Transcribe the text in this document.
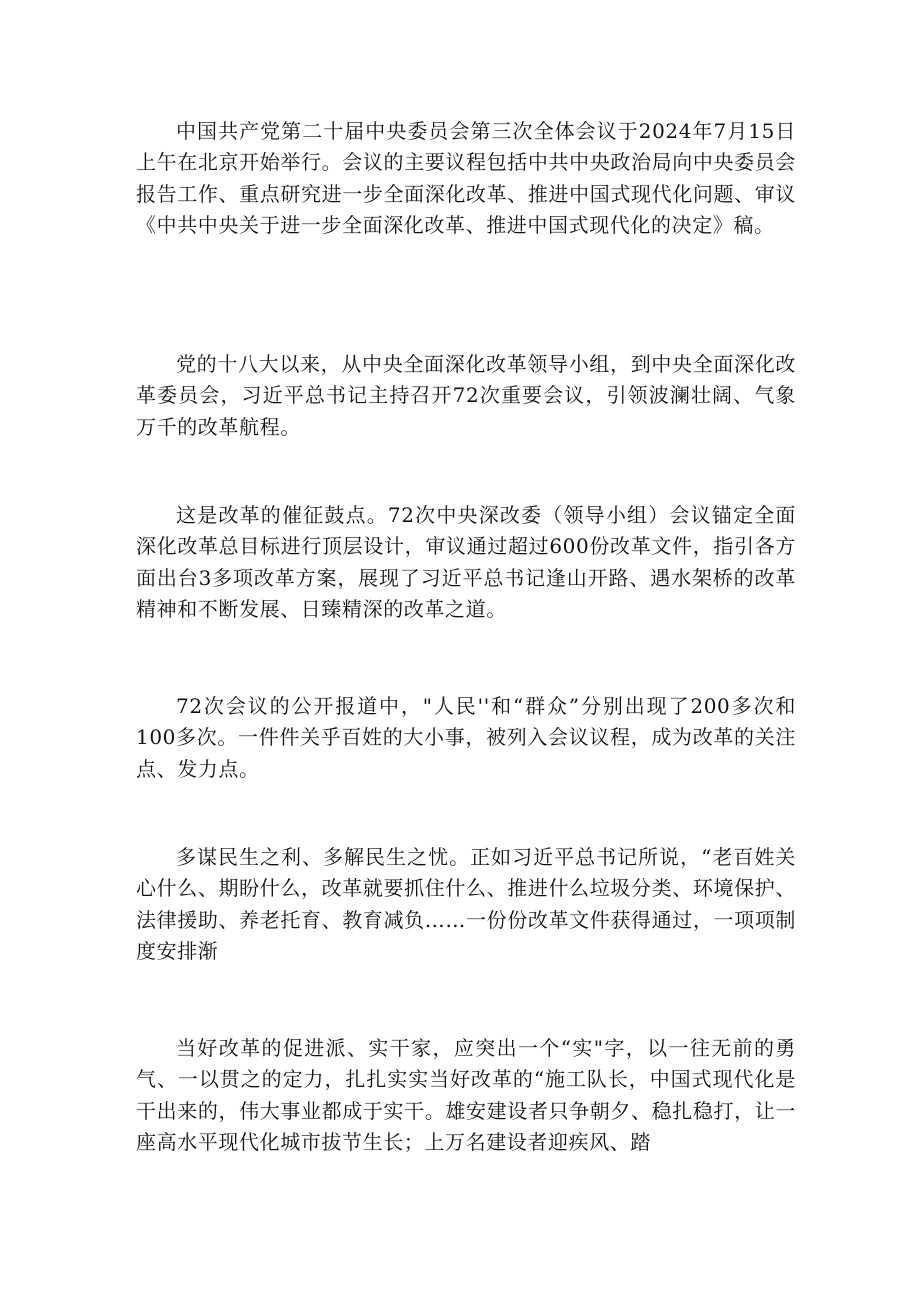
中国共产党第二十届中央委员会第三次全体会议于2024年7月15日上午在北京开始举行。会议的主要议程包括中共中央政治局向中央委员会报告工作、重点研究进一步全面深化改革、推进中国式现代化问题、审议《中共中央关于进一步全面深化改革、推进中国式现代化的决定》稿。

党的十八大以来，从中央全面深化改革领导小组，到中央全面深化改革委员会，习近平总书记主持召开72次重要会议，引领波澜壮阔、气象万千的改革航程。

这是改革的催征鼓点。72次中央深改委（领导小组）会议锚定全面深化改革总目标进行顶层设计，审议通过超过600份改革文件，指引各方面出台3多项改革方案，展现了习近平总书记逢山开路、遇水架桥的改革精神和不断发展、日臻精深的改革之道。

72次会议的公开报道中，"人民''和“群众”分别出现了200多次和100多次。一件件关乎百姓的大小事，被列入会议议程，成为改革的关注点、发力点。

多谋民生之利、多解民生之忧。正如习近平总书记所说，“老百姓关心什么、期盼什么，改革就要抓住什么、推进什么垃圾分类、环境保护、法律援助、养老托育、教育减负……一份份改革文件获得通过，一项项制度安排渐

当好改革的促进派、实干家，应突出一个“实"字，以一往无前的勇气、一以贯之的定力，扎扎实实当好改革的“施工队长，中国式现代化是干出来的，伟大事业都成于实干。雄安建设者只争朝夕、稳扎稳打，让一座高水平现代化城市拔节生长；上万名建设者迎疾风、踏
